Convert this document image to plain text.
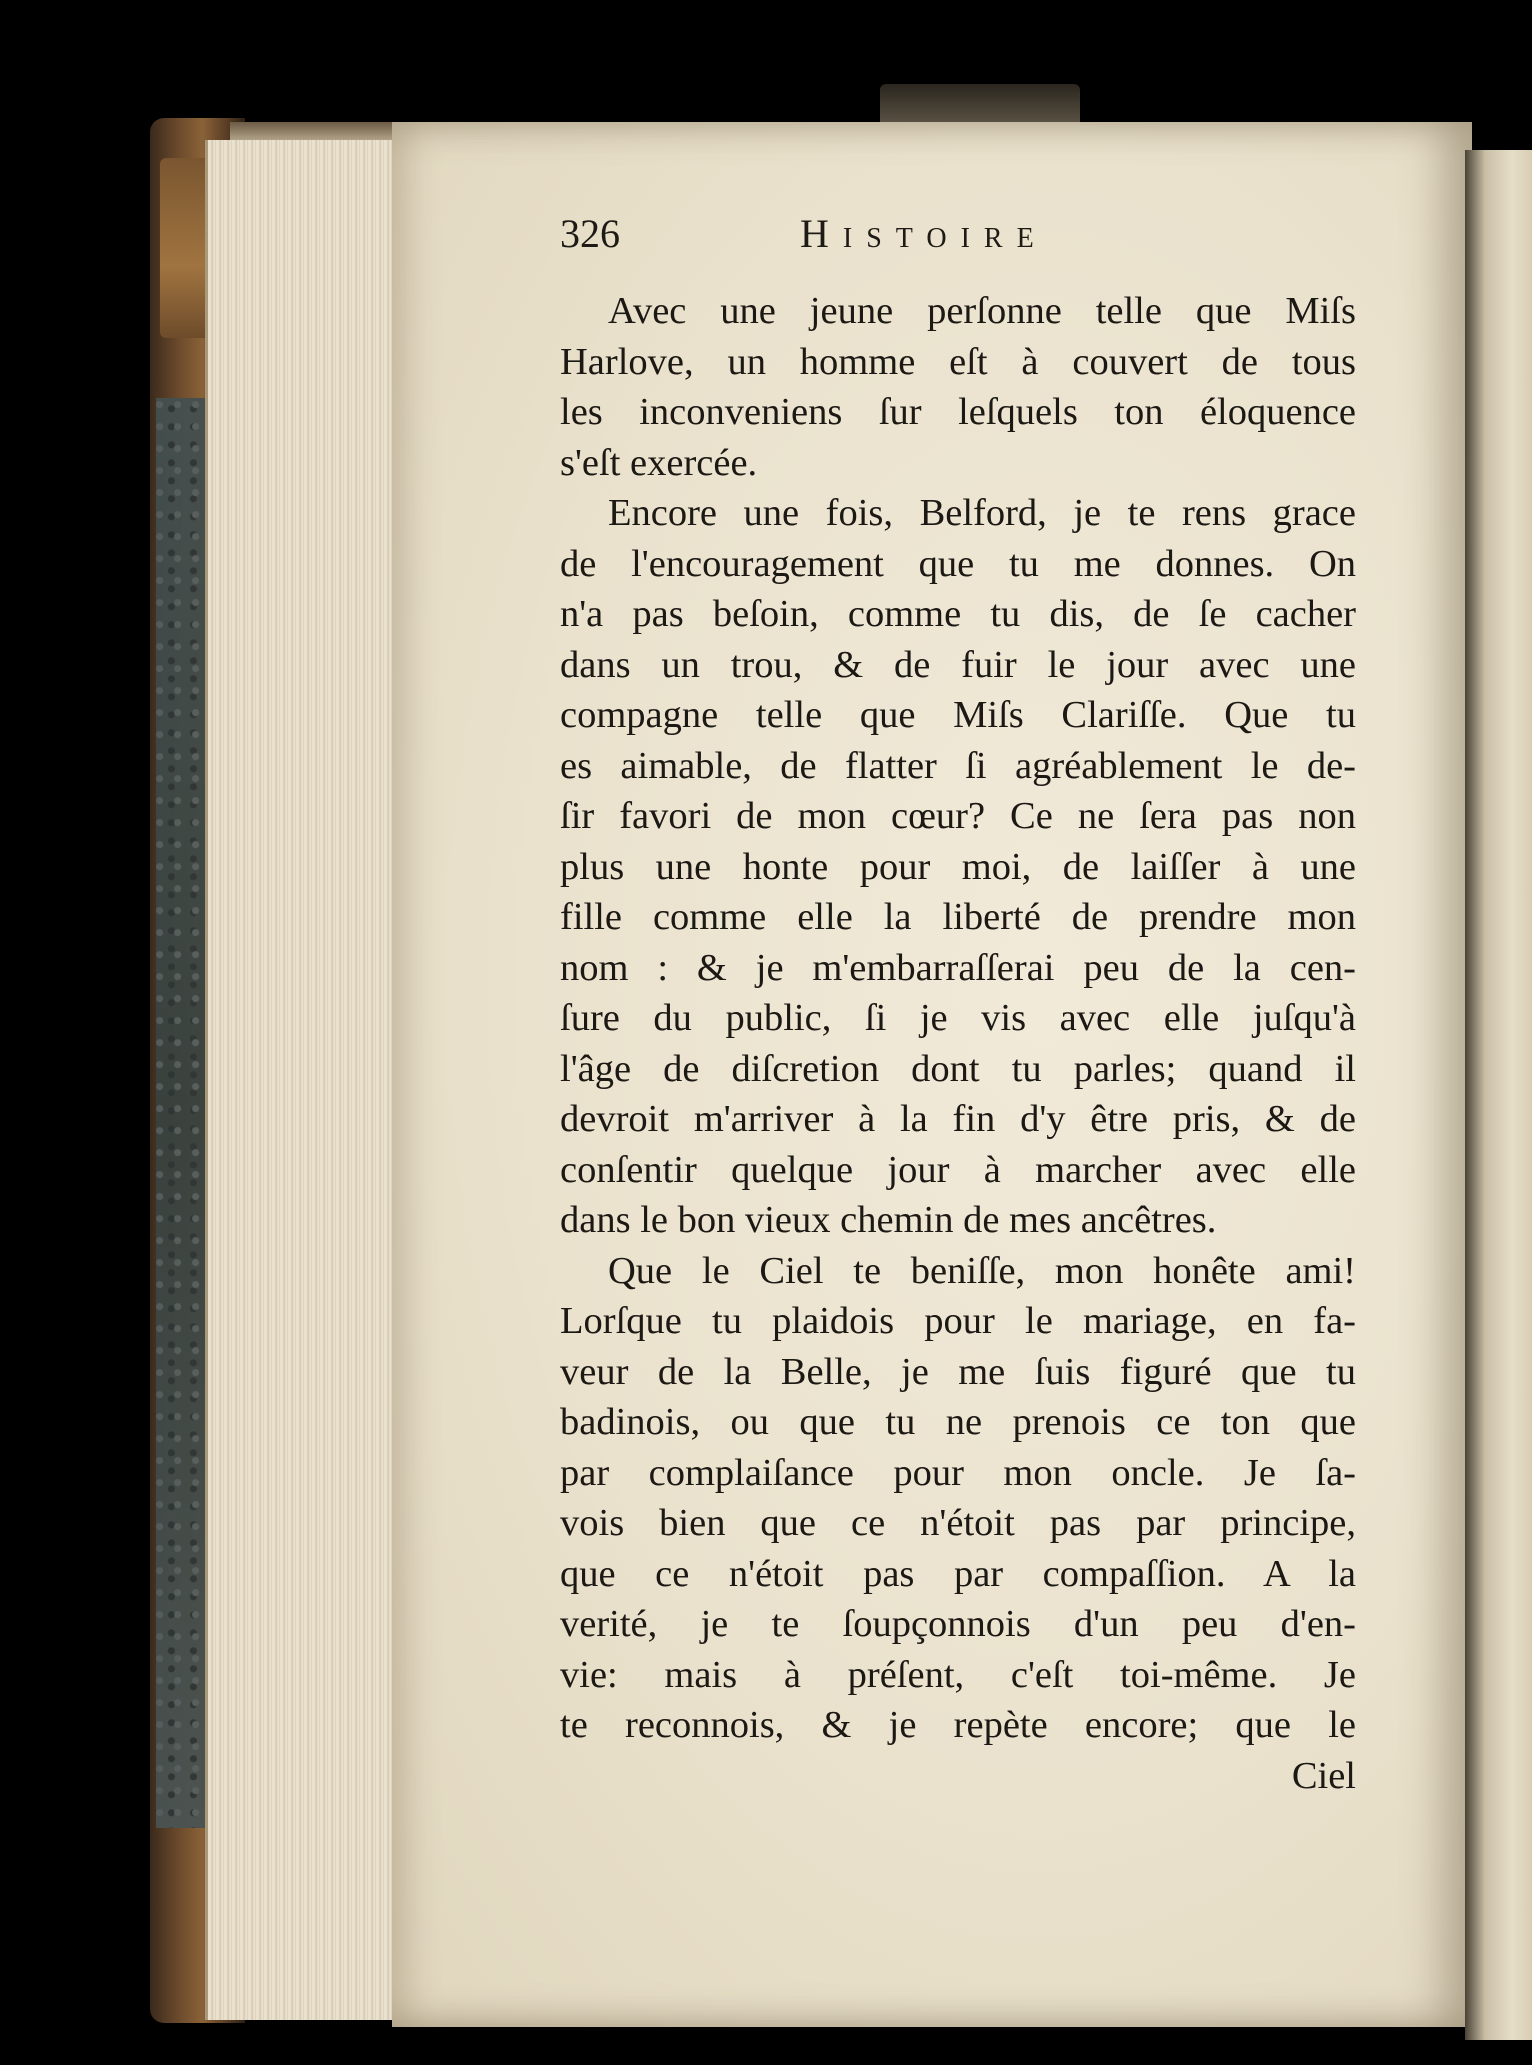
326	Histoire
Avec une jeune perſonne telle que Miſs
Harlove, un homme eſt à couvert de tous
les inconveniens ſur leſquels ton éloquence
s'eſt exercée.
Encore une fois, Belford, je te rens grace
de l'encouragement que tu me donnes. On
n'a pas beſoin, comme tu dis, de ſe cacher
dans un trou, & de fuir le jour avec une
compagne telle que Miſs Clariſſe. Que tu
es aimable, de flatter ſi agréablement le de-
ſir favori de mon cœur? Ce ne ſera pas non
plus une honte pour moi, de laiſſer à une
fille comme elle la liberté de prendre mon
nom : & je m'embarraſſerai peu de la cen-
ſure du public, ſi je vis avec elle juſqu'à
l'âge de diſcretion dont tu parles; quand il
devroit m'arriver à la fin d'y être pris, & de
conſentir quelque jour à marcher avec elle
dans le bon vieux chemin de mes ancêtres.
Que le Ciel te beniſſe, mon honête ami!
Lorſque tu plaidois pour le mariage, en fa-
veur de la Belle, je me ſuis figuré que tu
badinois, ou que tu ne prenois ce ton que
par complaiſance pour mon oncle. Je ſa-
vois bien que ce n'étoit pas par principe,
que ce n'étoit pas par compaſſion. A la
verité, je te ſoupçonnois d'un peu d'en-
vie: mais à préſent, c'eſt toi-même. Je
te reconnois, & je repète encore; que le
Ciel
